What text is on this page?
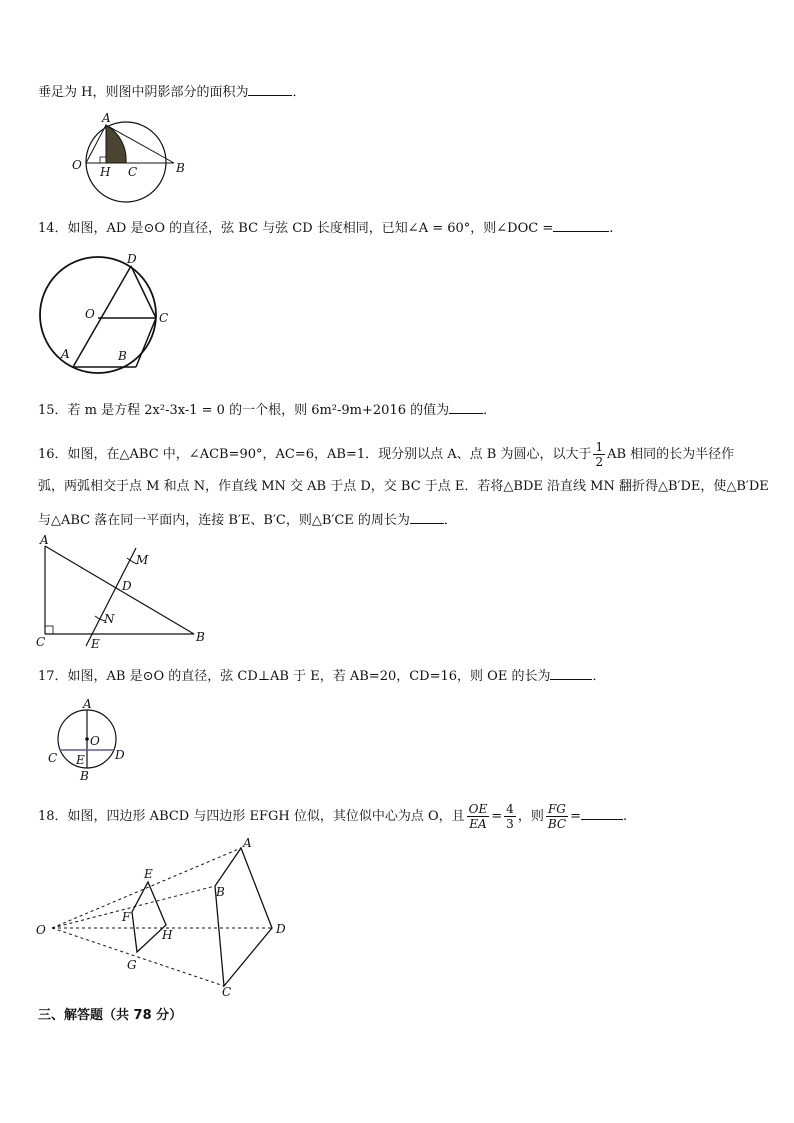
垂足为 H，则图中阴影部分的面积为	．
A
O H C	B
14．如图，AD 是⊙O 的直径，弦 BC 与弦 CD 长度相同，已知∠A = 60°，则∠DOC =	.
D
O	C
A	B
15．若 m 是方程 2x²-3x-1 = 0 的一个根，则 6m²-9m+2016 的值为	．
16．如图，在△ABC 中，∠ACB=90°，AC=6，AB=1．现分别以点 A、点 B 为圆心，以大于 $\frac{1}{2}$ AB 相同的长为半径作
弧，两弧相交于点 M 和点 N，作直线 MN 交 AB 于点 D，交 BC 于点 E．若将△BDE 沿直线 MN 翻折得△B′DE，使△B′DE
与△ABC 落在同一平面内，连接 B′E、B′C，则△B′CE 的周长为	．
A
M
D
N
C	E	B
17．如图，AB 是⊙O 的直径，弦 CD⊥AB 于 E，若 AB=20，CD=16，则 OE 的长为	．
A
O
C	D
E
B
18．如图，四边形 ABCD 与四边形 EFGH 位似，其位似中心为点 O，且 $\frac{OE}{EA} = \frac{4}{3}$ ，则 $\frac{FG}{BC}$ =	.
A
E
B
F
H
O	D
G
C
三、解答题（共 78 分）
